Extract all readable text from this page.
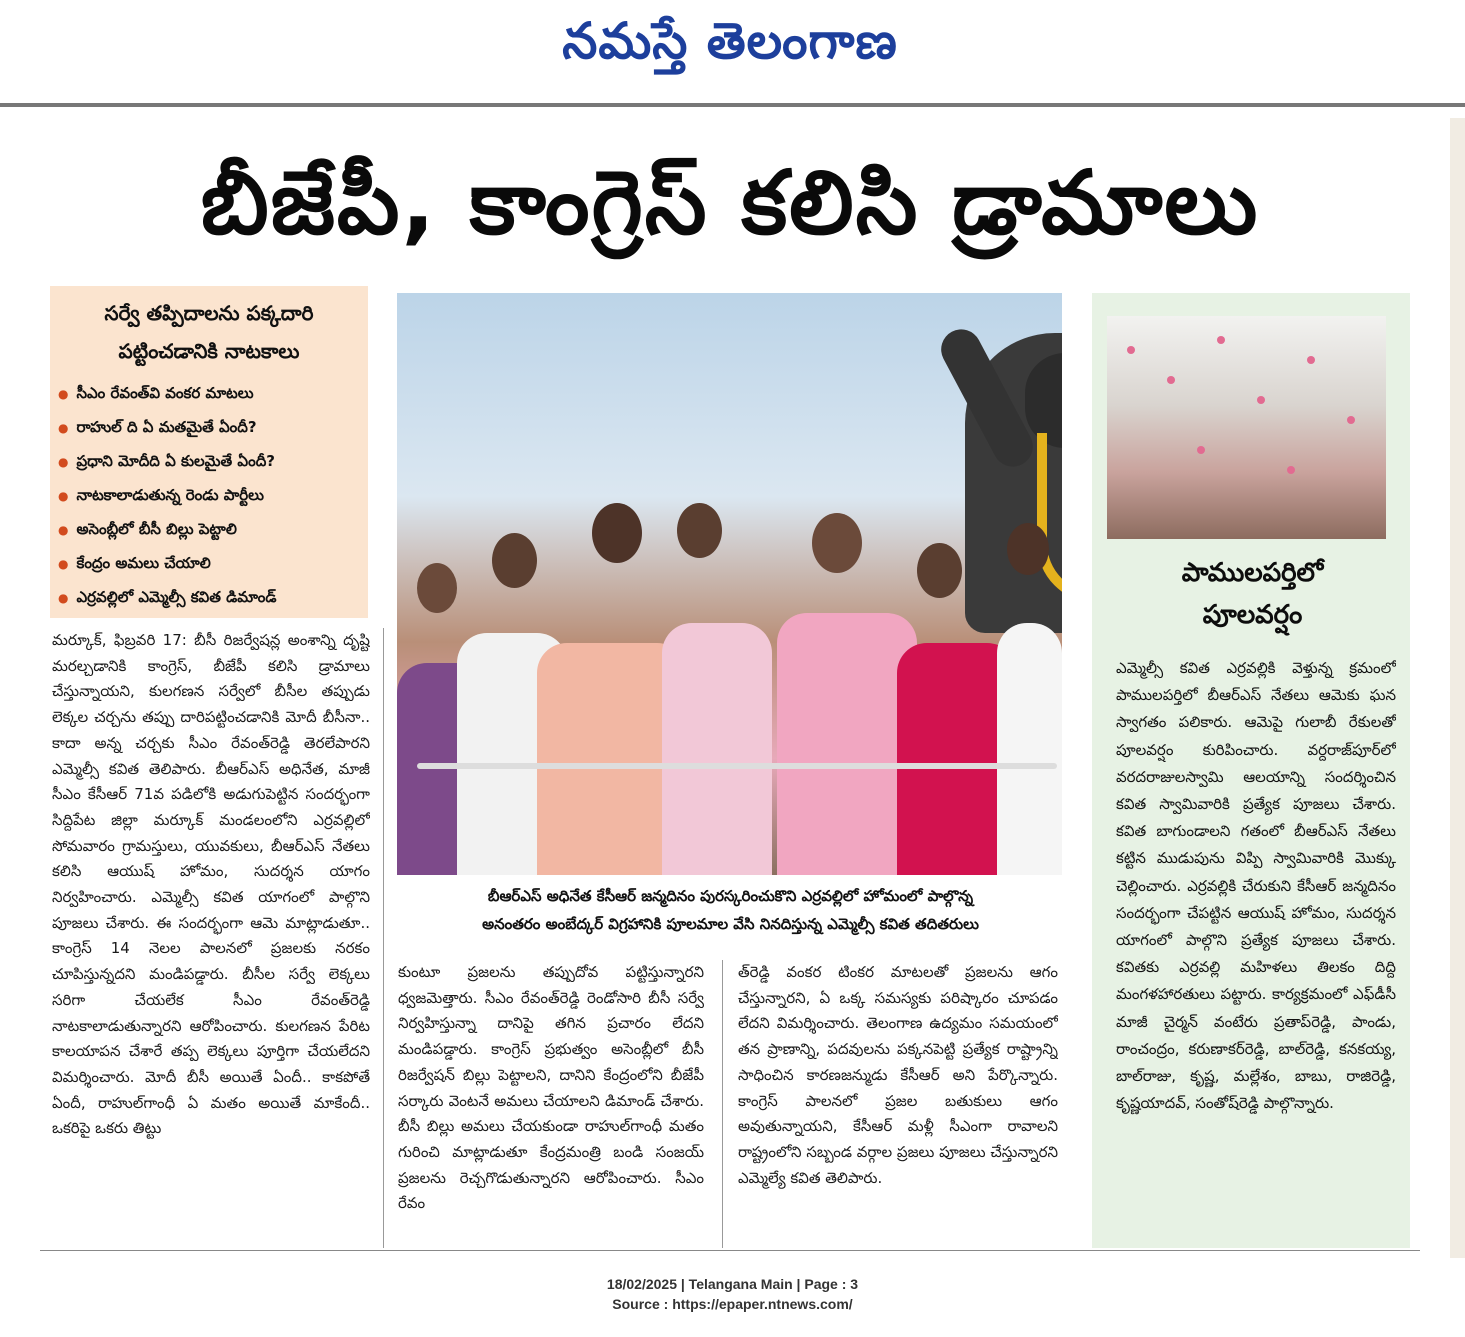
నమస్తే తెలంగాణ
బీజేపీ, కాంగ్రెస్ కలిసి డ్రామాలు
సర్వే తప్పిదాలను పక్కదారి
పట్టించడానికి నాటకాలు
● సీఎం రేవంత్‌వి వంకర మాటలు
● రాహుల్ ది ఏ మతమైతే ఏందీ?
● ప్రధాని మోదీది ఏ కులమైతే ఏందీ?
● నాటకాలాడుతున్న రెండు పార్టీలు
● అసెంబ్లీలో బీసీ బిల్లు పెట్టాలి
● కేంద్రం అమలు చేయాలి
● ఎర్రవల్లిలో ఎమ్మెల్సీ కవిత డిమాండ్
మర్కూక్, ఫిబ్రవరి 17: బీసీ రిజర్వేషన్ల అంశాన్ని దృష్టి మరల్చడానికి కాంగ్రెస్, బీజేపీ కలిసి డ్రామాలు చేస్తున్నాయని, కులగణన సర్వేలో బీసీల తప్పుడు లెక్కల చర్చను తప్పు దారిపట్టించడానికి మోదీ బీసీనా.. కాదా అన్న చర్చకు సీఎం రేవంత్‌రెడ్డి తెరలేపారని ఎమ్మెల్సీ కవిత తెలిపారు. బీఆర్‌ఎస్ అధినేత, మాజీ సీఎం కేసీఆర్ 71వ పడిలోకి అడుగుపెట్టిన సందర్భంగా సిద్దిపేట జిల్లా మర్కూక్ మండలంలోని ఎర్రవల్లిలో సోమవారం గ్రామస్తులు, యువకులు, బీఆర్‌ఎస్ నేతలు కలిసి ఆయుష్ హోమం, సుదర్శన యాగం నిర్వహించారు. ఎమ్మెల్సీ కవిత యాగంలో పాల్గొని పూజలు చేశారు. ఈ సందర్భంగా ఆమె మాట్లాడుతూ.. కాంగ్రెస్ 14 నెలల పాలనలో ప్రజలకు నరకం చూపిస్తున్నదని మండిపడ్డారు. బీసీల సర్వే లెక్కలు సరిగా చేయలేక సీఎం రేవంత్‌రెడ్డి నాటకాలాడుతున్నారని ఆరోపించారు. కులగణన పేరిట కాలయాపన చేశారే తప్ప లెక్కలు పూర్తిగా చేయలేదని విమర్శించారు. మోదీ బీసీ అయితే ఏందీ.. కాకపోతే ఏందీ, రాహుల్‌గాంధీ ఏ మతం అయితే మాకేందీ.. ఒకరిపై ఒకరు తిట్టు
బీఆర్‌ఎస్ అధినేత కేసీఆర్ జన్మదినం పురస్కరించుకొని ఎర్రవల్లిలో హోమంలో పాల్గొన్న
అనంతరం అంబేద్కర్ విగ్రహానికి పూలమాల వేసి నినదిస్తున్న ఎమ్మెల్సీ కవిత తదితరులు
కుంటూ ప్రజలను తప్పుదోవ పట్టిస్తున్నారని ధ్వజమెత్తారు. సీఎం రేవంత్‌రెడ్డి రెండోసారి బీసీ సర్వే నిర్వహిస్తున్నా దానిపై తగిన ప్రచారం లేదని మండిపడ్డారు. కాంగ్రెస్ ప్రభుత్వం అసెంబ్లీలో బీసీ రిజర్వేషన్ బిల్లు పెట్టాలని, దానిని కేంద్రంలోని బీజేపీ సర్కారు వెంటనే అమలు చేయాలని డిమాండ్ చేశారు. బీసీ బిల్లు అమలు చేయకుండా రాహుల్‌గాంధీ మతం గురించి మాట్లాడుతూ కేంద్రమంత్రి బండి సంజయ్ ప్రజలను రెచ్చగొడుతున్నారని ఆరోపించారు. సీఎం రేవం
త్‌రెడ్డి వంకర టింకర మాటలతో ప్రజలను ఆగం చేస్తున్నారని, ఏ ఒక్క సమస్యకు పరిష్కారం చూపడం లేదని విమర్శించారు. తెలంగాణ ఉద్యమం సమయంలో తన ప్రాణాన్ని, పదవులను పక్కనపెట్టి ప్రత్యేక రాష్ట్రాన్ని సాధించిన కారణజన్ముడు కేసీఆర్ అని పేర్కొన్నారు. కాంగ్రెస్ పాలనలో ప్రజల బతుకులు ఆగం అవుతున్నాయని, కేసీఆర్ మళ్లీ సీఎంగా రావాలని రాష్ట్రంలోని సబ్బండ వర్గాల ప్రజలు పూజలు చేస్తున్నారని ఎమ్మెల్యే కవిత తెలిపారు.
పాములపర్తిలో
పూలవర్షం
ఎమ్మెల్సీ కవిత ఎర్రవల్లికి వెళ్తున్న క్రమంలో పాములపర్తిలో బీఆర్‌ఎస్ నేతలు ఆమెకు ఘన స్వాగతం పలికారు. ఆమెపై గులాబీ రేకులతో పూలవర్షం కురిపించారు. వర్దరాజ్‌పూర్‌లో వరదరాజులస్వామి ఆలయాన్ని సందర్శించిన కవిత స్వామివారికి ప్రత్యేక పూజలు చేశారు. కవిత బాగుండాలని గతంలో బీఆర్‌ఎస్ నేతలు కట్టిన ముడుపును విప్పి స్వామివారికి మొక్కు చెల్లించారు. ఎర్రవల్లికి చేరుకుని కేసీఆర్ జన్మదినం సందర్భంగా చేపట్టిన ఆయుష్ హోమం, సుదర్శన యాగంలో పాల్గొని ప్రత్యేక పూజలు చేశారు. కవితకు ఎర్రవల్లి మహిళలు తిలకం దిద్ది మంగళహారతులు పట్టారు. కార్యక్రమంలో ఎఫ్‌డీసీ మాజీ చైర్మన్ వంటేరు ప్రతాప్‌రెడ్డి, పాండు, రాంచంద్రం, కరుణాకర్‌రెడ్డి, బాల్‌రెడ్డి, కనకయ్య, బాల్‌రాజు, కృష్ణ, మల్లేశం, బాబు, రాజిరెడ్డి, కృష్ణయాదవ్, సంతోష్‌రెడ్డి పాల్గొన్నారు.
18/02/2025 | Telangana Main | Page : 3
Source : https://epaper.ntnews.com/
